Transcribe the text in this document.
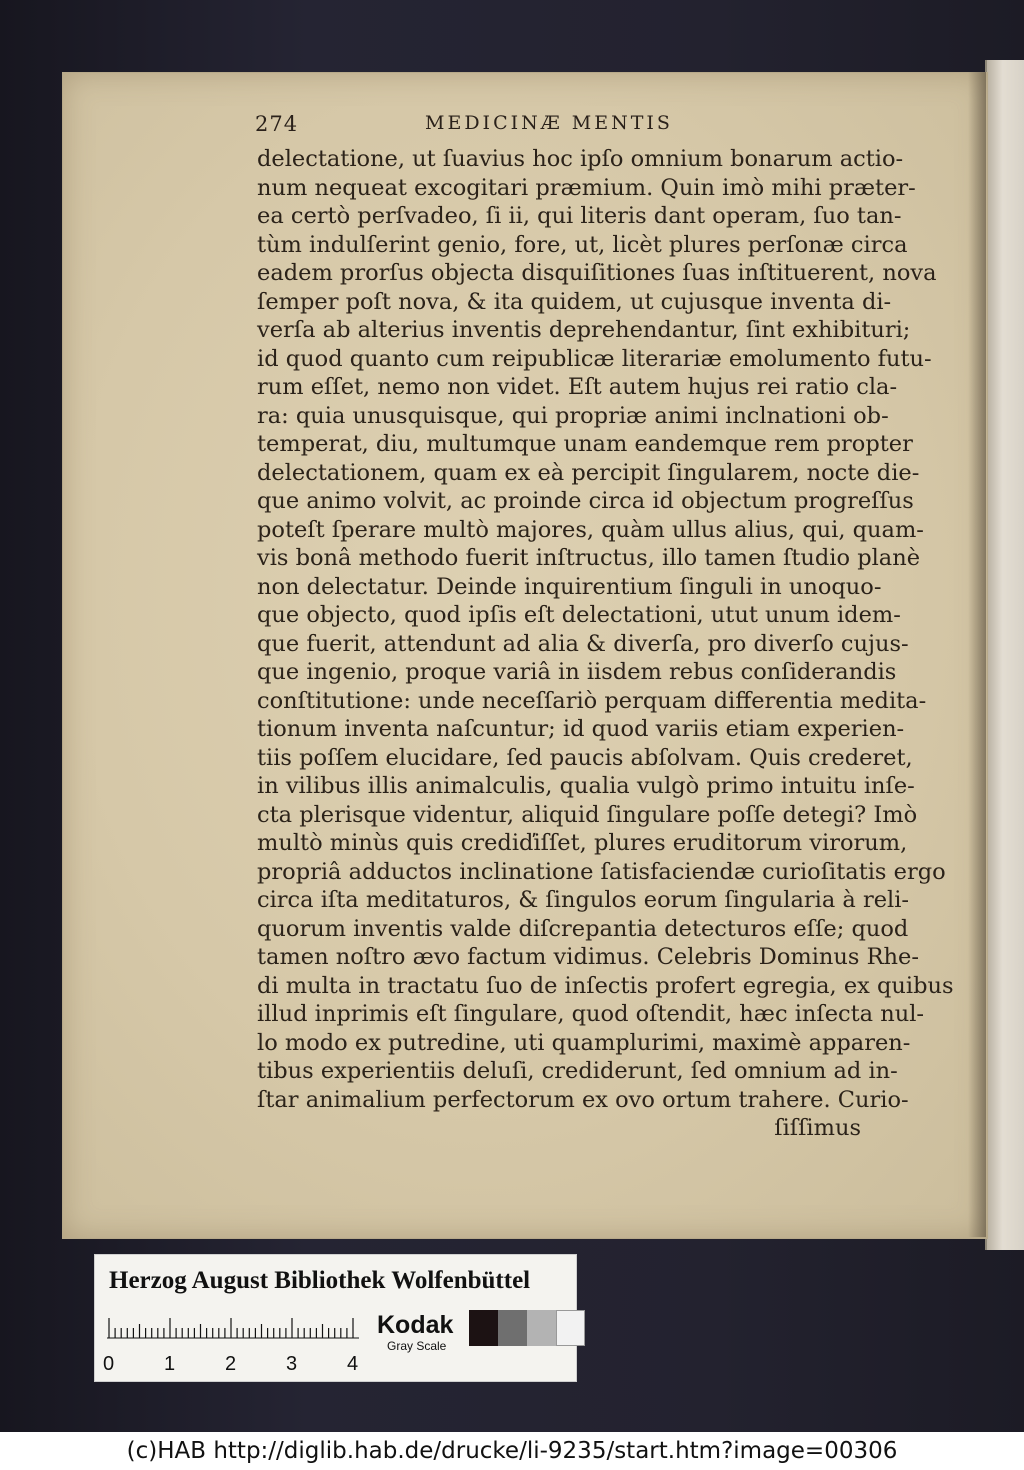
274	MEDICINÆ MENTIS
delectatione, ut ſuavius hoc ipſo omnium bonarum actio-
num nequeat excogitari præmium. Quin imò mihi præter-
ea certò perſvadeo, ſi ii, qui literis dant operam, ſuo tan-
tùm indulſerint genio, fore, ut, licèt plures perſonæ circa
eadem prorſus objecta disquiſitiones ſuas inſtituerent, nova
ſemper poſt nova, & ita quidem, ut cujusque inventa di-
verſa ab alterius inventis deprehendantur, ſint exhibituri;
id quod quanto cum reipublicæ literariæ emolumento futu-
rum eſſet, nemo non videt. Eſt autem hujus rei ratio cla-
ra: quia unusquisque, qui propriæ animi inclnationi ob-
temperat, diu, multumque unam eandemque rem propter
delectationem, quam ex eà percipit ſingularem, nocte die-
que animo volvit, ac proinde circa id objectum progreſſus
poteſt ſperare multò majores, quàm ullus alius, qui, quam-
vis bonâ methodo fuerit inſtructus, illo tamen ſtudio planè
non delectatur. Deinde inquirentium ſinguli in unoquo-
que objecto, quod ipſis eſt delectationi, utut unum idem-
que fuerit, attendunt ad alia & diverſa, pro diverſo cujus-
que ingenio, proque variâ in iisdem rebus conſiderandis
conſtitutione: unde neceſſariò perquam differentia medita-
tionum inventa naſcuntur; id quod variis etiam experien-
tiis poſſem elucidare, ſed paucis abſolvam. Quis crederet,
in vilibus illis animalculis, qualia vulgò primo intuitu inſe-
cta plerisque videntur, aliquid ſingulare poſſe detegi? Imò
multò minùs quis crediďiſſet, plures eruditorum virorum,
propriâ adductos inclinatione ſatisfaciendæ curioſitatis ergo
circa iſta meditaturos, & ſingulos eorum ſingularia à reli-
quorum inventis valde diſcrepantia detecturos eſſe; quod
tamen noſtro ævo factum vidimus. Celebris Dominus Rhe-
di multa in tractatu ſuo de inſectis profert egregia, ex quibus
illud inprimis eſt ſingulare, quod oſtendit, hæc inſecta nul-
lo modo ex putredine, uti quamplurimi, maximè apparen-
tibus experientiis deluſi, crediderunt, ſed omnium ad in-
ſtar animalium perfectorum ex ovo ortum trahere. Curio-
ſiſſimus
Herzog August Bibliothek Wolfenbüttel
0 1 2 3 4
Kodak
Gray Scale
(c)HAB http://diglib.hab.de/drucke/li-9235/start.htm?image=00306
